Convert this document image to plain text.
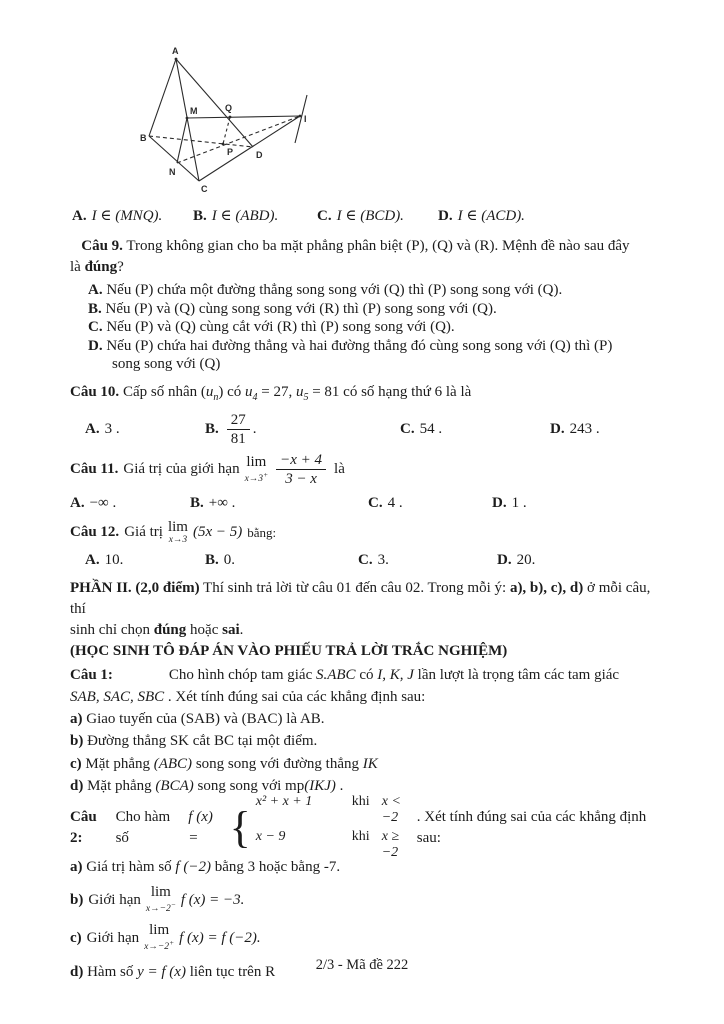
A
B
C
D
M
N
P
Q
I
A. I ∈ (MNQ). B. I ∈ (ABD).	C. I ∈ (BCD). D. I ∈ (ACD).
Câu 9. Trong không gian cho ba mặt phẳng phân biệt (P), (Q) và (R). Mệnh đề nào sau đây
là đúng?
A. Nếu (P) chứa một đường thẳng song song với (Q) thì (P) song song với (Q).
B. Nếu (P) và (Q) cùng song song với (R) thì (P) song song với (Q).
C. Nếu (P) và (Q) cùng cắt với (R) thì (P) song song với (Q).
D. Nếu (P) chứa hai đường thẳng và hai đường thẳng đó cùng song song với (Q) thì (P)
song song với (Q)
Câu 10. Cấp số nhân $(u_n)$ có $u_4 = 27$, $u_5 = 81$ có số hạng thứ 6 là là
A. 3 .	B. $\frac{27}{81}$ .	C. 54 .	D. 243 .
Câu 11. Giá trị của giới hạn lim
$x\to 3^+ \frac{-x + 4}{3 - x}$ là
A. −∞ .	B. +∞ .	C. 4 .	D. 1 .
Câu 12. Giá trị lim
x→3 (5x − 5) bằng:
A. 10.	B. 0.	C. 3.	D. 20.
PHẦN II. (2,0 điểm) Thí sinh trả lời từ câu 01 đến câu 02. Trong mỗi ý: a), b), c), d) ở mỗi câu, thí
sinh chỉ chọn đúng hoặc sai.
(HỌC SINH TÔ ĐÁP ÁN VÀO PHIẾU TRẢ LỜI TRẮC NGHIỆM)
Câu 1:	Cho hình chóp tam giác S.ABC có I, K, J lần lượt là trọng tâm các tam giác
SAB, SAC, SBC . Xét tính đúng sai của các khẳng định sau:
a) Giao tuyến của (SAB) và (BAC) là AB.
b) Đường thẳng SK cắt BC tại một điểm.
c) Mặt phẳng (ABC) song song với đường thẳng IK
d) Mặt phẳng (BCA) song song với mp(IKJ) .
Câu 2:
Cho hàm số
f (x) = {
x² + x + 1	khi x < −2
x − 9	khi x ≥ −2
. Xét tính đúng sai của các khẳng định sau:
a) Giá trị hàm số f (−2) bằng 3 hoặc bằng -7.
b) Giới hạn lim
x→−2− f (x) = −3.
c) Giới hạn lim
x→−2+ f (x) = f (−2).
d) Hàm số y = f (x) liên tục trên R	2/3 - Mã đề 222
